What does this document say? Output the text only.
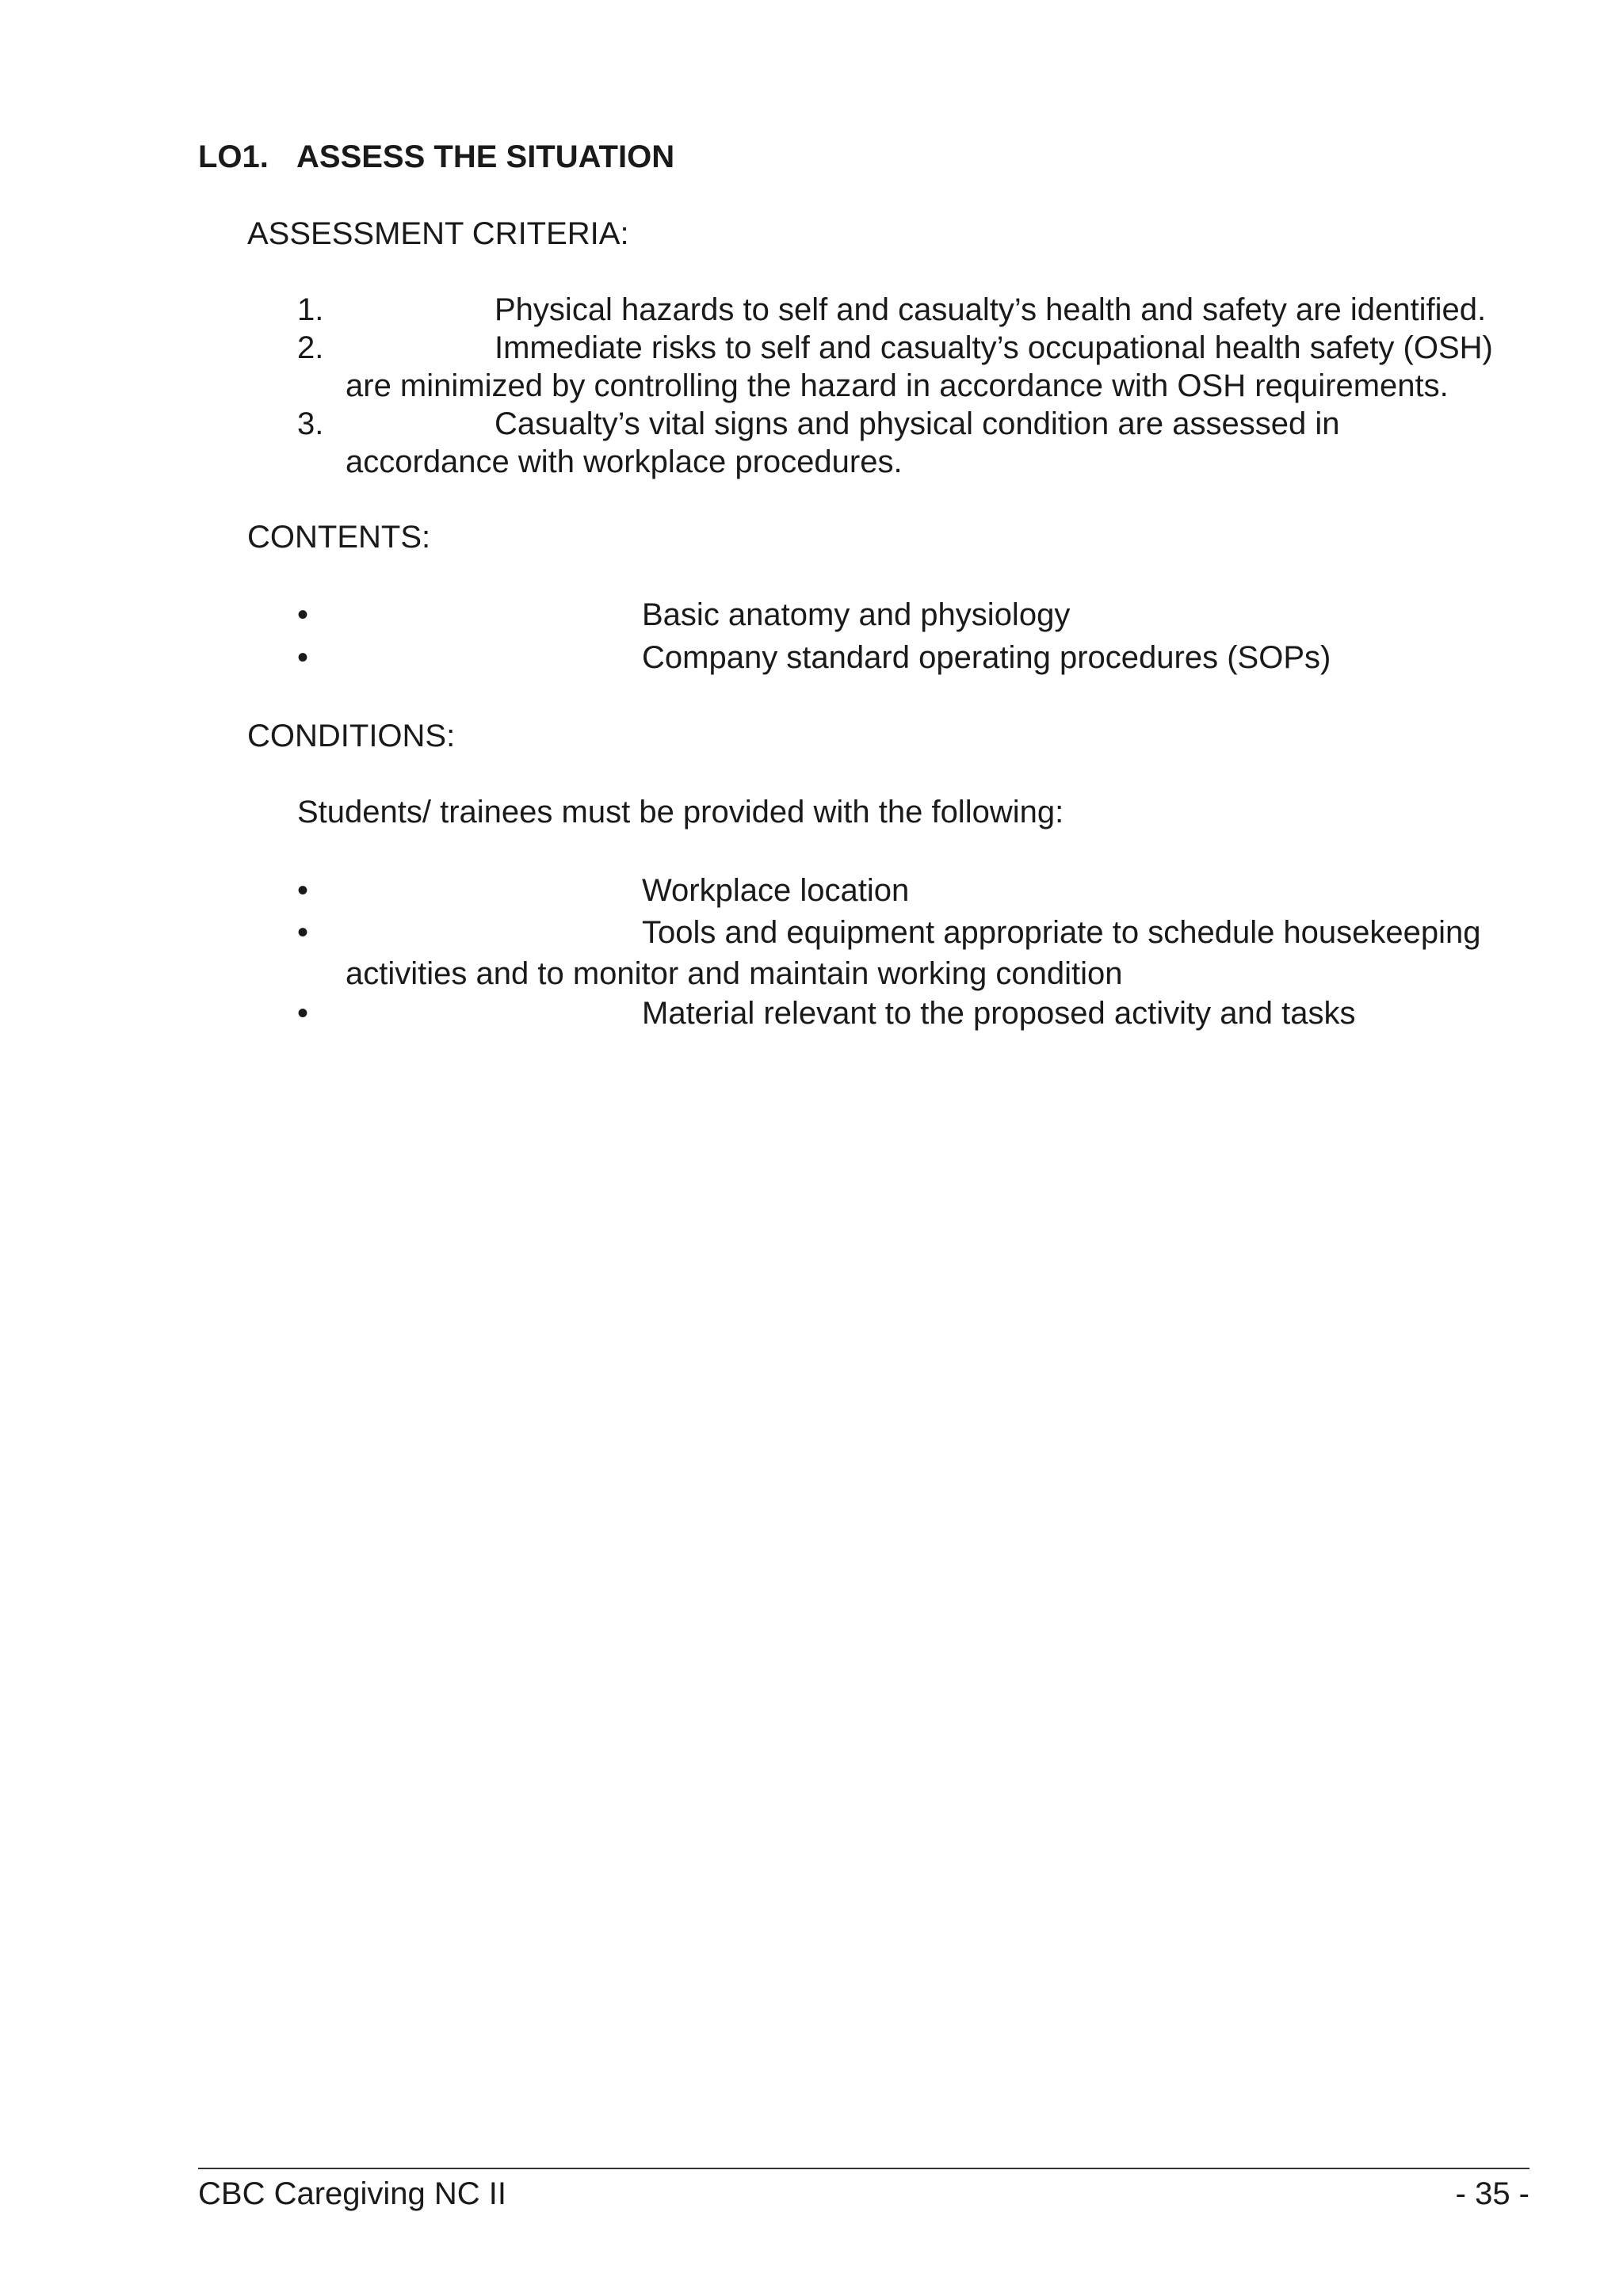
LO1. ASSESS THE SITUATION
ASSESSMENT CRITERIA:
1.	Physical hazards to self and casualty’s health and safety are identified.
2.	Immediate risks to self and casualty’s occupational health safety (OSH)
are minimized by controlling the hazard in accordance with OSH requirements.
3.	Casualty’s vital signs and physical condition are assessed in
accordance with workplace procedures.
CONTENTS:
•	Basic anatomy and physiology
•	Company standard operating procedures (SOPs)
CONDITIONS:
Students/ trainees must be provided with the following:
•	Workplace location
•	Tools and equipment appropriate to schedule housekeeping
activities and to monitor and maintain working condition
•	Material relevant to the proposed activity and tasks
CBC Caregiving NC II	- 35 -
